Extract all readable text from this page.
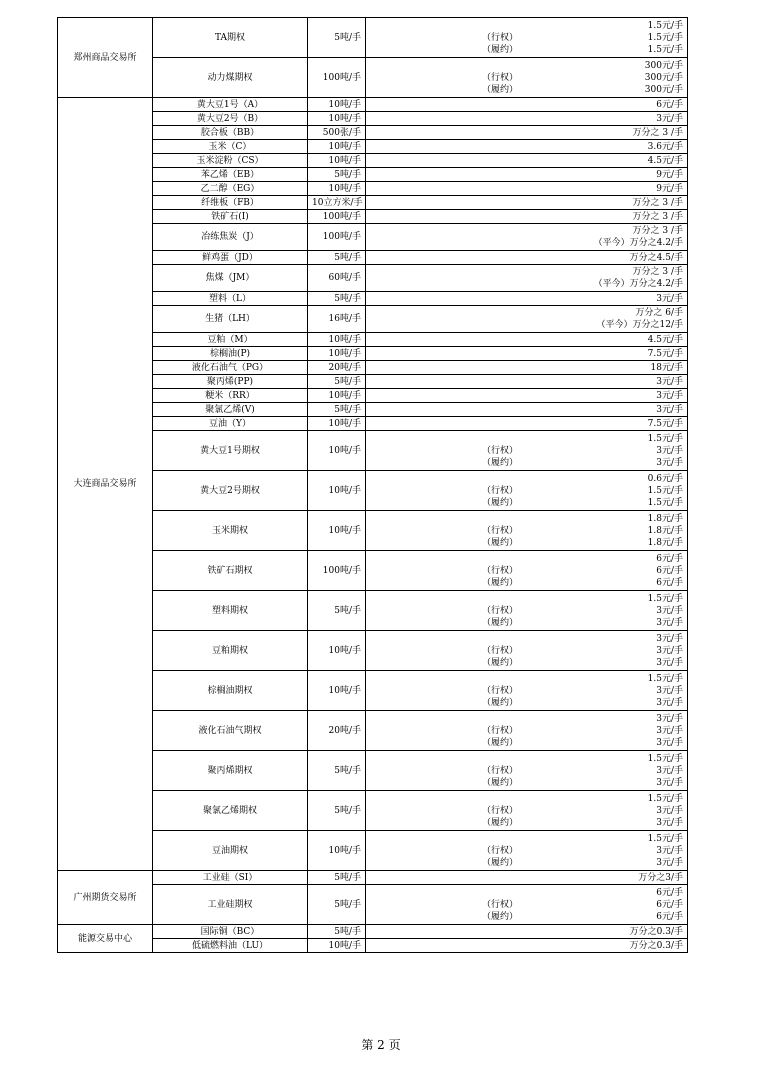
郑州商品交易所	TA期权	5吨/手	1.5元/手
（行权） 1.5元/手
（履约） 1.5元/手

	动力煤期权	100吨/手	300元/手
（行权） 300元/手
（履约） 300元/手

大连商品交易所	黄大豆1号（A）	10吨/手	6元/手

	黄大豆2号（B）	10吨/手	3元/手

	胶合板（BB）	500张/手	万分之 3 /手

	玉米（C）	10吨/手	3.6元/手

	玉米淀粉（CS）	10吨/手	4.5元/手

	苯乙烯（EB）	5吨/手	9元/手

	乙二醇（EG）	10吨/手	9元/手

	纤维板（FB）	10立方米/手	万分之 3 /手

	铁矿石(I)	100吨/手	万分之 3 /手

	冶练焦炭（J）	100吨/手	万分之 3 /手
（平今）万分之4.2/手

	鲜鸡蛋（JD）	5吨/手	万分之4.5/手

	焦煤（JM）	60吨/手	万分之 3 /手
（平今）万分之4.2/手

	塑料（L）	5吨/手	3元/手

	生猪（LH）	16吨/手	万分之 6/手
（平今）万分之12/手

	豆粕（M）	10吨/手	4.5元/手

	棕榈油(P)	10吨/手	7.5元/手

	液化石油气（PG）	20吨/手	18元/手

	聚丙烯(PP)	5吨/手	3元/手

	粳米（RR）	10吨/手	3元/手

	聚氯乙烯(V)	5吨/手	3元/手

	豆油（Y）	10吨/手	7.5元/手

	黄大豆1号期权	10吨/手	1.5元/手
（行权） 3元/手
（履约） 3元/手

	黄大豆2号期权	10吨/手	0.6元/手
（行权） 1.5元/手
（履约） 1.5元/手

	玉米期权	10吨/手	1.8元/手
（行权） 1.8元/手
（履约） 1.8元/手

	铁矿石期权	100吨/手	6元/手
（行权） 6元/手
（履约） 6元/手

	塑料期权	5吨/手	1.5元/手
（行权） 3元/手
（履约） 3元/手

	豆粕期权	10吨/手	3元/手
（行权） 3元/手
（履约） 3元/手

	棕榈油期权	10吨/手	1.5元/手
（行权） 3元/手
（履约） 3元/手

	液化石油气期权	20吨/手	3元/手
（行权） 3元/手
（履约） 3元/手

	聚丙烯期权	5吨/手	1.5元/手
（行权） 3元/手
（履约） 3元/手

	聚氯乙烯期权	5吨/手	1.5元/手
（行权） 3元/手
（履约） 3元/手

	豆油期权	10吨/手	1.5元/手
（行权） 3元/手
（履约） 3元/手

广州期货交易所	工业硅（SI）	5吨/手	万分之3/手

	工业硅期权	5吨/手	6元/手
（行权） 6元/手
（履约） 6元/手

能源交易中心	国际铜（BC）	5吨/手	万分之0.3/手

	低硫燃料油（LU）	10吨/手	万分之0.3/手
第 2 页
